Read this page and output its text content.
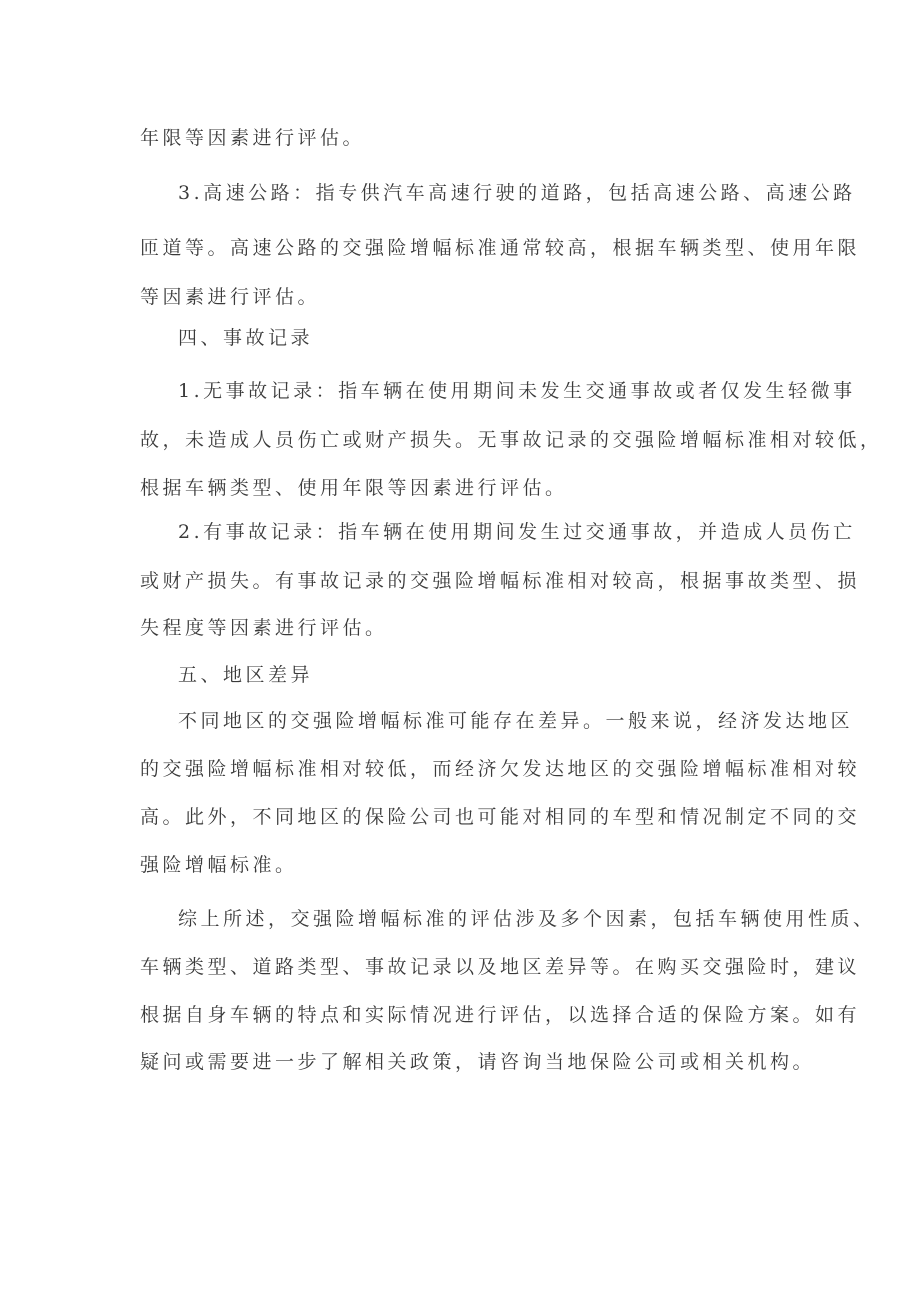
年限等因素进行评估。
3.高速公路：指专供汽车高速行驶的道路，包括高速公路、高速公路
匝道等。高速公路的交强险增幅标准通常较高，根据车辆类型、使用年限
等因素进行评估。
四、事故记录
1.无事故记录：指车辆在使用期间未发生交通事故或者仅发生轻微事
故，未造成人员伤亡或财产损失。无事故记录的交强险增幅标准相对较低，
根据车辆类型、使用年限等因素进行评估。
2.有事故记录：指车辆在使用期间发生过交通事故，并造成人员伤亡
或财产损失。有事故记录的交强险增幅标准相对较高，根据事故类型、损
失程度等因素进行评估。
五、地区差异
不同地区的交强险增幅标准可能存在差异。一般来说，经济发达地区
的交强险增幅标准相对较低，而经济欠发达地区的交强险增幅标准相对较
高。此外，不同地区的保险公司也可能对相同的车型和情况制定不同的交
强险增幅标准。
综上所述，交强险增幅标准的评估涉及多个因素，包括车辆使用性质、
车辆类型、道路类型、事故记录以及地区差异等。在购买交强险时，建议
根据自身车辆的特点和实际情况进行评估，以选择合适的保险方案。如有
疑问或需要进一步了解相关政策，请咨询当地保险公司或相关机构。
